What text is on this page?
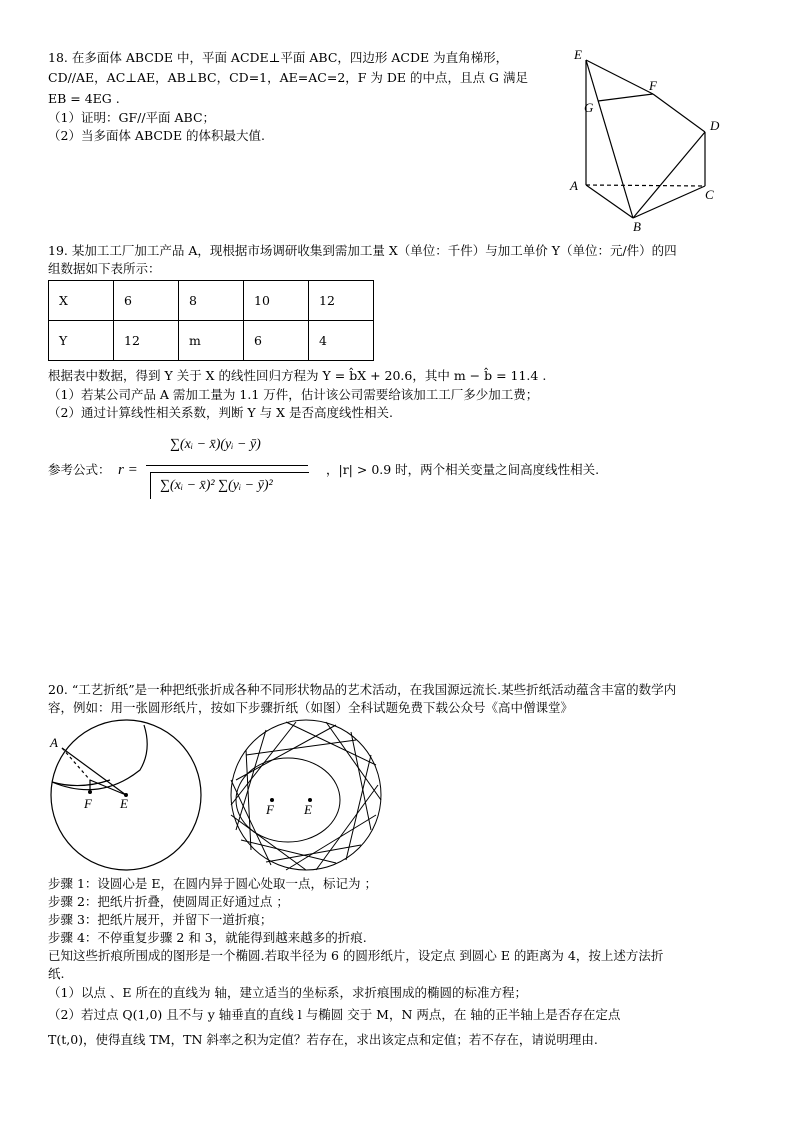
18. 在多面体 ABCDE 中，平面 ACDE⊥平面 ABC，四边形 ACDE 为直角梯形，
CD//AE，AC⊥AE，AB⊥BC，CD=1，AE=AC=2，F 为 DE 的中点，且点 G 满足
EB = 4EG .
（1）证明：GF//平面 ABC；
（2）当多面体 ABCDE 的体积最大值.
E
F
G
D
A
C
B
19. 某加工工厂加工产品 A，现根据市场调研收集到需加工量 X（单位：千件）与加工单价 Y（单位：元/件）的四
组数据如下表所示：
X	6	8	10	12
Y	12	m	6	4
根据表中数据，得到 Y 关于 X 的线性回归方程为 Y = b̂X + 20.6，其中 m − b̂ = 11.4 .
（1）若某公司产品 A 需加工量为 1.1 万件，估计该公司需要给该加工工厂多少加工费；
（2）通过计算线性相关系数，判断 Y 与 X 是否高度线性相关.
参考公式： r =
∑(xᵢ − x̄)(yᵢ − ȳ)
∑(xᵢ − x̄)² ∑(yᵢ − ȳ)²
，|r| > 0.9 时，两个相关变量之间高度线性相关.
20. “工艺折纸”是一种把纸张折成各种不同形状物品的艺术活动，在我国源远流长.某些折纸活动蕴含丰富的数学内
容，例如：用一张圆形纸片，按如下步骤折纸（如图）全科试题免费下载公众号《高中僧课堂》
A
F E	F E
步骤 1：设圆心是 E，在圆内异于圆心处取一点，标记为 ；
步骤 2：把纸片折叠，使圆周正好通过点 ；
步骤 3：把纸片展开，并留下一道折痕；
步骤 4：不停重复步骤 2 和 3，就能得到越来越多的折痕.
已知这些折痕所围成的图形是一个椭圆.若取半径为 6 的圆形纸片，设定点 到圆心 E 的距离为 4，按上述方法折
纸.
（1）以点 、E 所在的直线为 轴，建立适当的坐标系，求折痕围成的椭圆的标准方程；
（2）若过点 Q(1,0) 且不与 y 轴垂直的直线 l 与椭圆 交于 M，N 两点，在 轴的正半轴上是否存在定点
T(t,0)，使得直线 TM，TN 斜率之积为定值？若存在，求出该定点和定值；若不存在，请说明理由.
